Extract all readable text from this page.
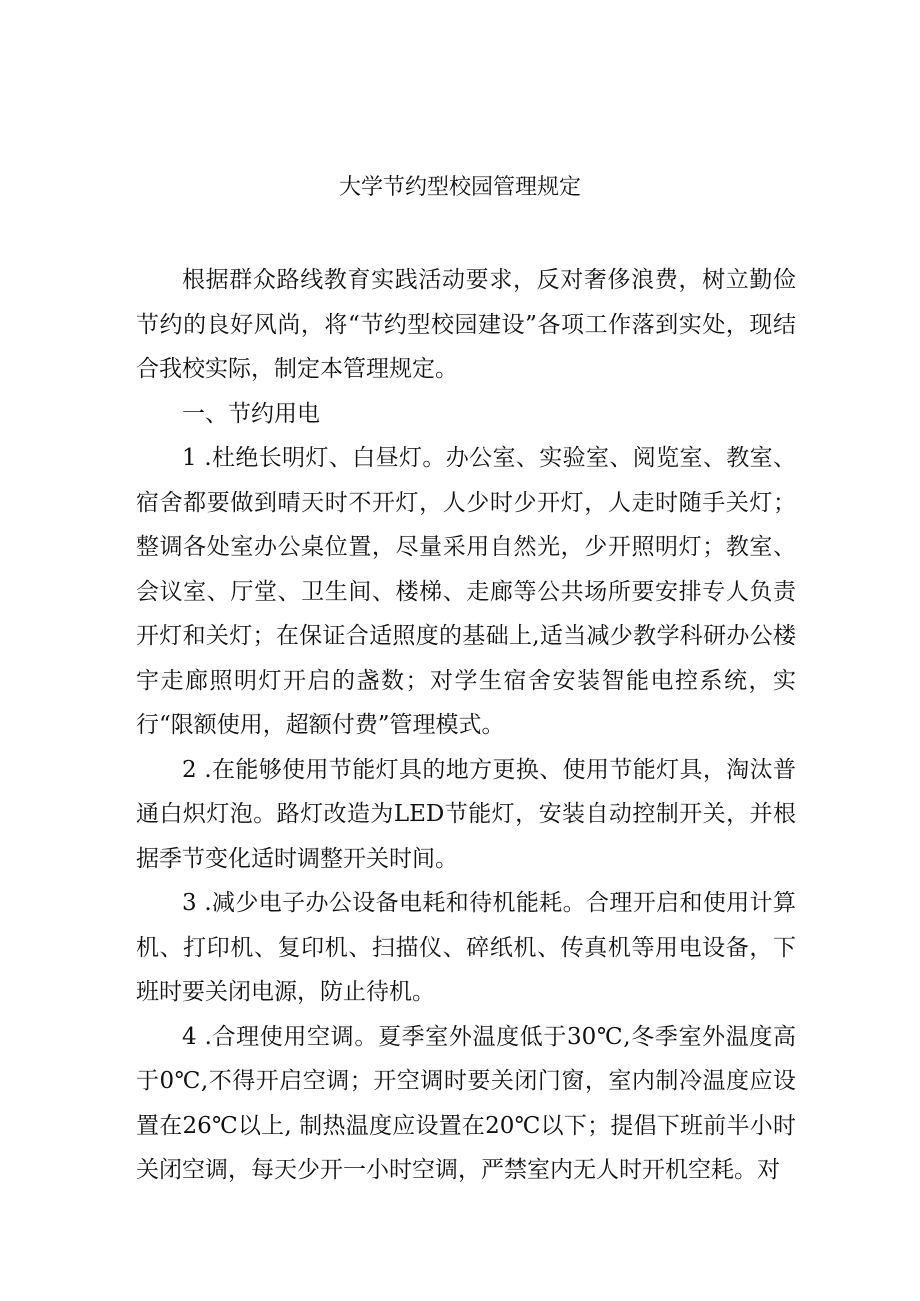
大学节约型校园管理规定

根据群众路线教育实践活动要求，反对奢侈浪费，树立勤俭节约的良好风尚，将“节约型校园建设”各项工作落到实处，现结合我校实际，制定本管理规定。

一、节约用电

1 .杜绝长明灯、白昼灯。办公室、实验室、阅览室、教室、宿舍都要做到晴天时不开灯，人少时少开灯，人走时随手关灯；整调各处室办公桌位置，尽量采用自然光，少开照明灯；教室、会议室、厅堂、卫生间、楼梯、走廊等公共场所要安排专人负责开灯和关灯；在保证合适照度的基础上,适当减少教学科研办公楼宇走廊照明灯开启的盏数；对学生宿舍安装智能电控系统，实行“限额使用，超额付费”管理模式。

2 .在能够使用节能灯具的地方更换、使用节能灯具，淘汰普通白炽灯泡。路灯改造为LED节能灯，安装自动控制开关，并根据季节变化适时调整开关时间。

3 .减少电子办公设备电耗和待机能耗。合理开启和使用计算机、打印机、复印机、扫描仪、碎纸机、传真机等用电设备，下班时要关闭电源，防止待机。

4 .合理使用空调。夏季室外温度低于30℃,冬季室外温度高于0℃,不得开启空调；开空调时要关闭门窗，室内制冷温度应设置在26℃以上, 制热温度应设置在20℃以下；提倡下班前半小时关闭空调，每天少开一小时空调，严禁室内无人时开机空耗。对
